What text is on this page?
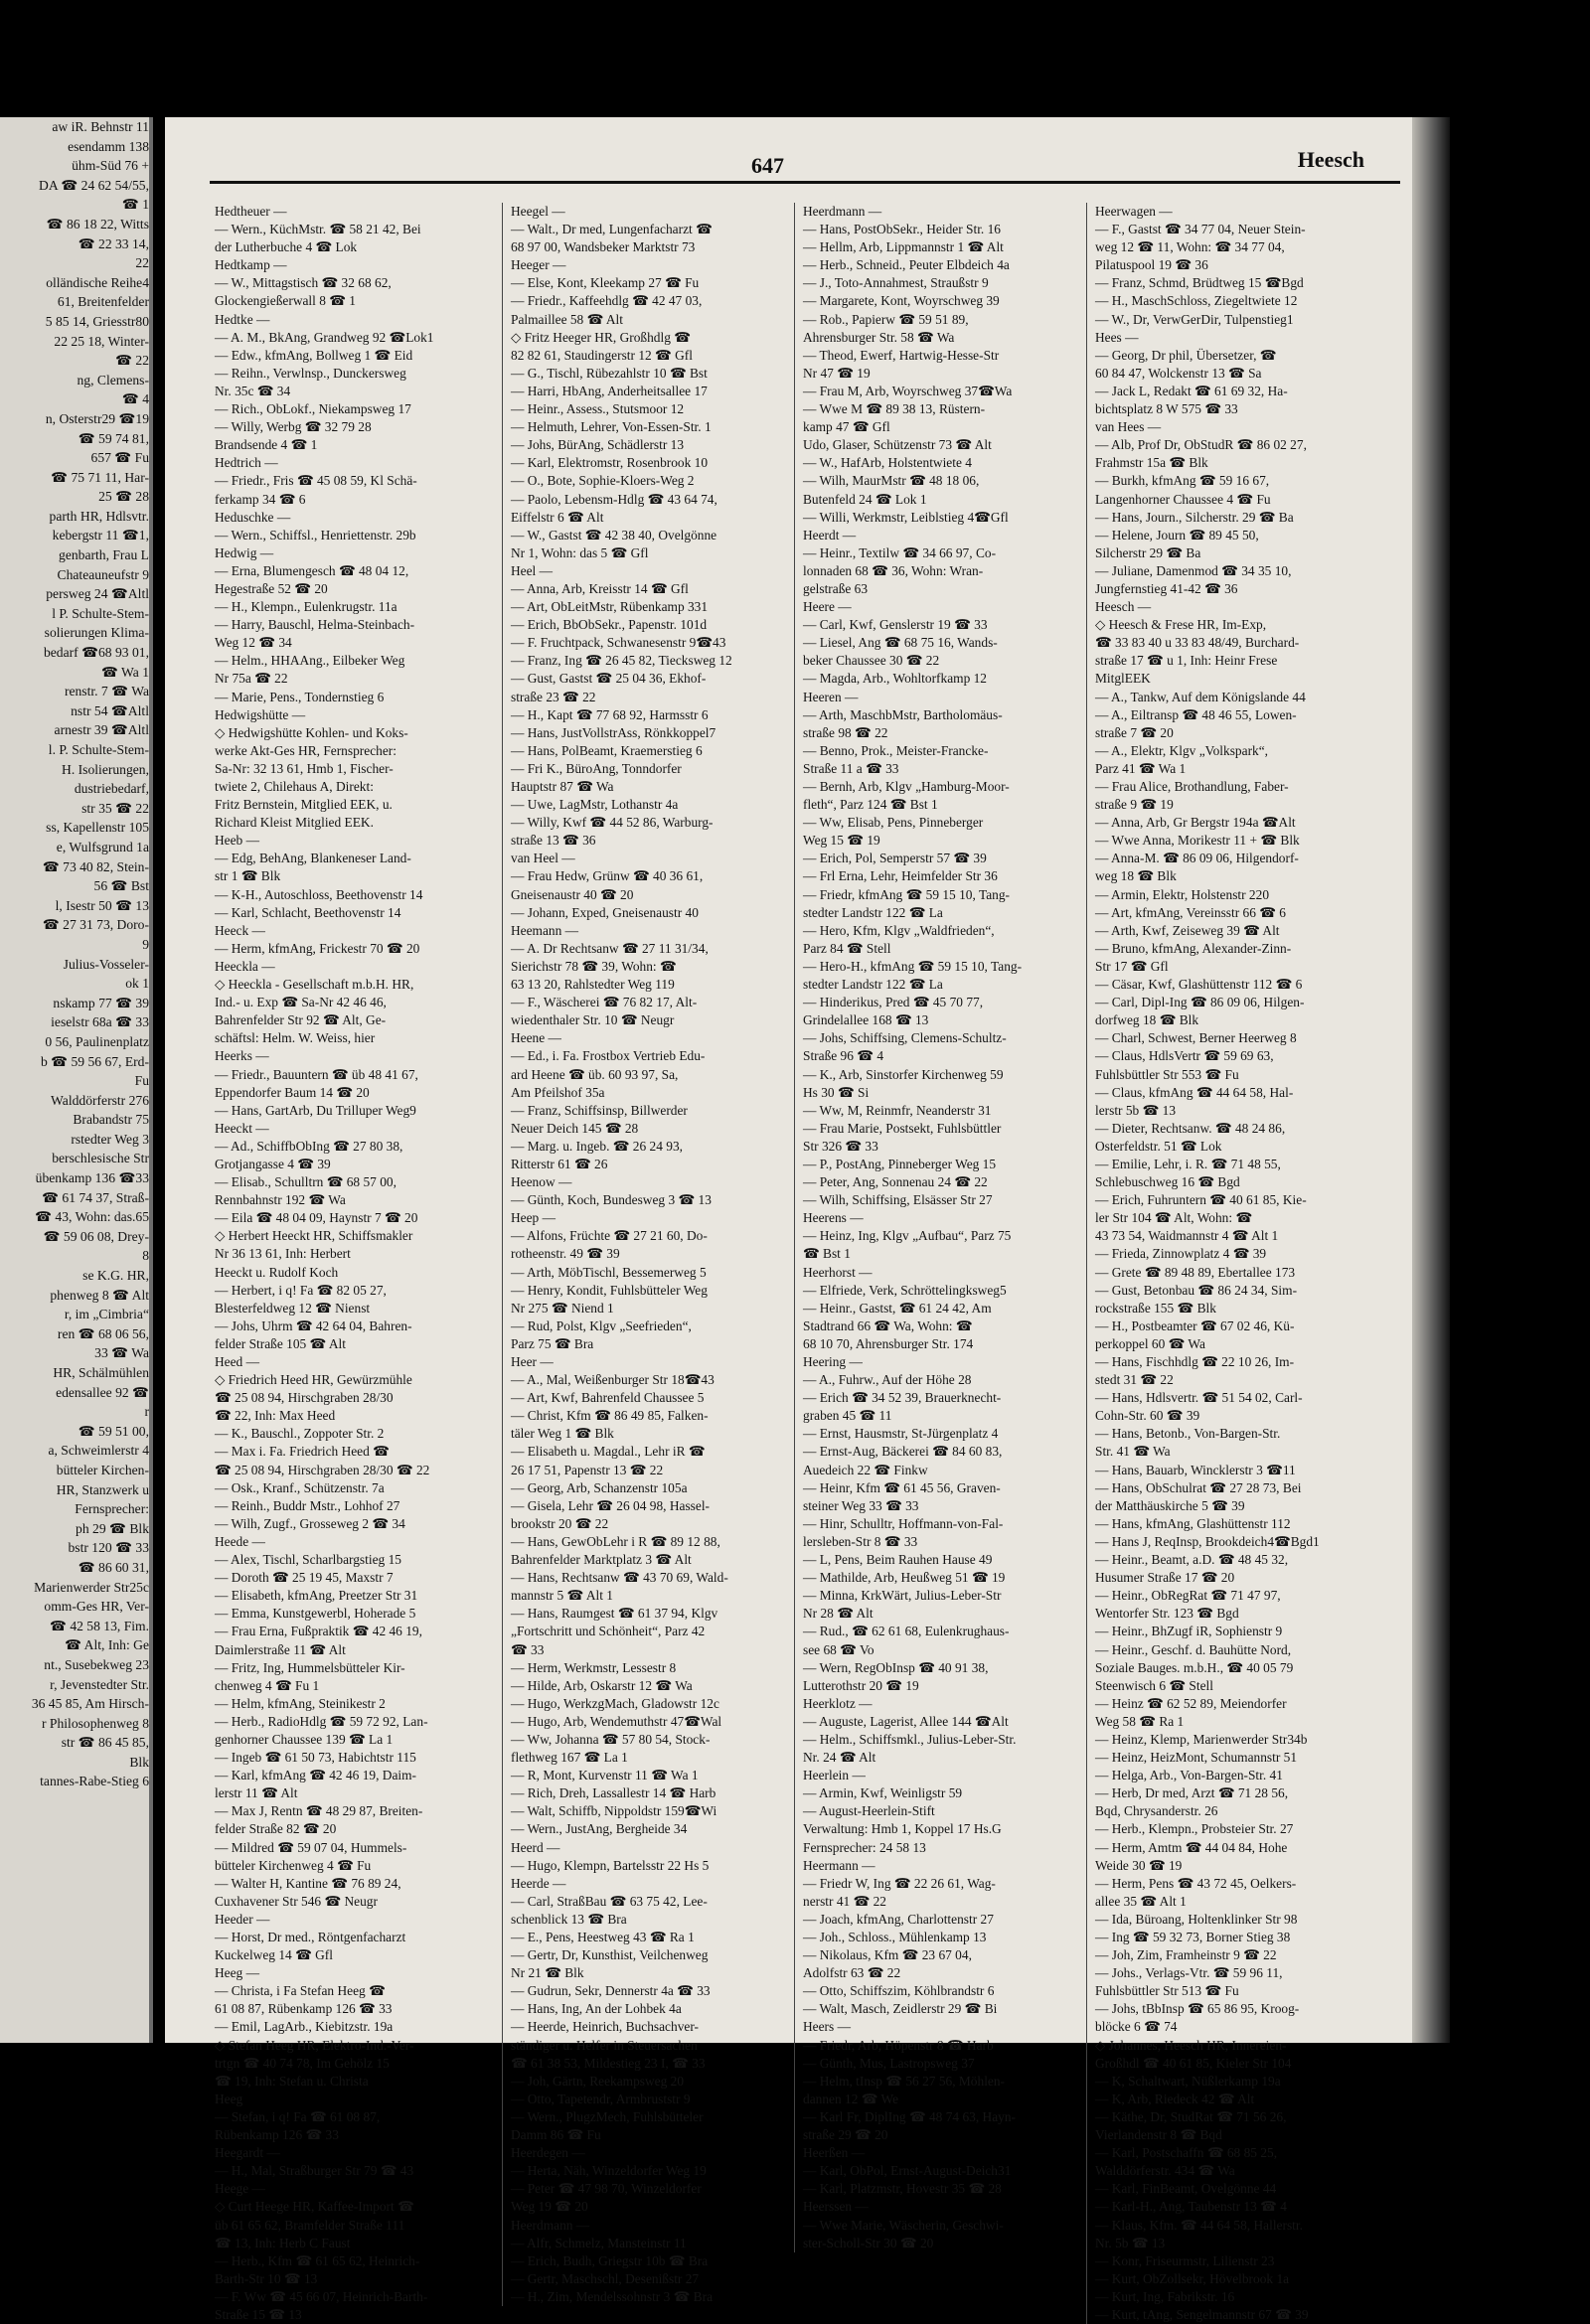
aw iR. Behnstr 11
esendamm 138
ühm-Süd 76 +
DA ☎ 24 62 54/55,
☎ 1
☎ 86 18 22, Witts
☎ 22 33 14,
22
olländische Reihe4
61, Breitenfelder
5 85 14, Griesstr80
22 25 18, Winter-
☎ 22
ng, Clemens-
☎ 4
n, Osterstr29 ☎19
☎ 59 74 81,
657 ☎ Fu
☎ 75 71 11, Har-
25 ☎ 28
parth HR, Hdlsvtr.
kebergstr 11 ☎1,
genbarth, Frau L
Chateauneufstr 9
persweg 24 ☎Altl
l P. Schulte-Stem-
solierungen Klima-
bedarf ☎68 93 01,
☎ Wa 1
renstr. 7 ☎ Wa
nstr 54 ☎Altl
arnestr 39 ☎Altl
l. P. Schulte-Stem-
H. Isolierungen,
dustriebedarf,
str 35 ☎ 22
ss, Kapellenstr 105
e, Wulfsgrund 1a
☎ 73 40 82, Stein-
56 ☎ Bst
l, Isestr 50 ☎ 13
☎ 27 31 73, Doro-
9
Julius-Vosseler-
ok 1
nskamp 77 ☎ 39
ieselstr 68a ☎ 33
0 56, Paulinenplatz
b ☎ 59 56 67, Erd-
Fu
Walddörferstr 276
Brabandstr 75
rstedter Weg 3
berschlesische Str
übenkamp 136 ☎33
☎ 61 74 37, Straß-
☎ 43, Wohn: das.65
☎ 59 06 08, Drey-
8
se K.G. HR,
phenweg 8 ☎ Alt
r, im „Cimbria“
ren ☎ 68 06 56,
33 ☎ Wa
HR, Schälmühlen
edensallee 92 ☎
r
☎ 59 51 00,
a, Schweimlerstr 4
bütteler Kirchen-
HR, Stanzwerk u
Fernsprecher:
ph 29 ☎ Blk
bstr 120 ☎ 33
☎ 86 60 31,
Marienwerder Str25c
omm-Ges HR, Ver-
☎ 42 58 13, Fim.
☎ Alt, Inh: Ge
nt., Susebekweg 23
r, Jevenstedter Str.
36 45 85, Am Hirsch-
r Philosophenweg 8
str ☎ 86 45 85,
Blk
tannes-Rabe-Stieg 6
647	Heesch
Hedtheuer —
— Wern., KüchMstr. ☎ 58 21 42, Bei
der Lutherbuche 4 ☎ Lok
Hedtkamp —
— W., Mittagstisch ☎ 32 68 62,
Glockengießerwall 8 ☎ 1
Hedtke —
— A. M., BkAng, Grandweg 92 ☎Lok1
— Edw., kfmAng, Bollweg 1 ☎ Eid
— Reihn., Verwlnsp., Dunckersweg
Nr. 35c ☎ 34
— Rich., ObLokf., Niekampsweg 17
— Willy, Werbg ☎ 32 79 28
Brandsende 4 ☎ 1
Hedtrich —
— Friedr., Fris ☎ 45 08 59, Kl Schä-
ferkamp 34 ☎ 6
Heduschke —
— Wern., Schiffsl., Henriettenstr. 29b
Hedwig —
— Erna, Blumengesch ☎ 48 04 12,
Hegestraße 52 ☎ 20
— H., Klempn., Eulenkrugstr. 11a
— Harry, Bauschl, Helma-Steinbach-
Weg 12 ☎ 34
— Helm., HHAAng., Eilbeker Weg
Nr 75a ☎ 22
— Marie, Pens., Tondernstieg 6
Hedwigshütte —
◇ Hedwigshütte Kohlen- und Koks-
werke Akt-Ges HR, Fernsprecher:
Sa-Nr: 32 13 61, Hmb 1, Fischer-
twiete 2, Chilehaus A, Direkt:
Fritz Bernstein, Mitglied EEK, u.
Richard Kleist Mitglied EEK.
Heeb —
— Edg, BehAng, Blankeneser Land-
str 1 ☎ Blk
— K-H., Autoschloss, Beethovenstr 14
— Karl, Schlacht, Beethovenstr 14
Heeck —
— Herm, kfmAng, Frickestr 70 ☎ 20
Heeckla —
◇ Heeckla - Gesellschaft m.b.H. HR,
Ind.- u. Exp ☎ Sa-Nr 42 46 46,
Bahrenfelder Str 92 ☎ Alt, Ge-
schäftsl: Helm. W. Weiss, hier
Heerks —
— Friedr., Bauuntern ☎ üb 48 41 67,
Eppendorfer Baum 14 ☎ 20
— Hans, GartArb, Du Trilluper Weg9
Heeckt —
— Ad., SchiffbObIng ☎ 27 80 38,
Grotjangasse 4 ☎ 39
— Elisab., Schulltrn ☎ 68 57 00,
Rennbahnstr 192 ☎ Wa
— Eila ☎ 48 04 09, Haynstr 7 ☎ 20
◇ Herbert Heeckt HR, Schiffsmakler
Nr 36 13 61, Inh: Herbert
Heeckt u. Rudolf Koch
— Herbert, i q! Fa ☎ 82 05 27,
Blesterfeldweg 12 ☎ Nienst
— Johs, Uhrm ☎ 42 64 04, Bahren-
felder Straße 105 ☎ Alt
Heed —
◇ Friedrich Heed HR, Gewürzmühle
☎ 25 08 94, Hirschgraben 28/30
☎ 22, Inh: Max Heed
— K., Bauschl., Zoppoter Str. 2
— Max i. Fa. Friedrich Heed ☎
☎ 25 08 94, Hirschgraben 28/30 ☎ 22
— Osk., Kranf., Schützenstr. 7a
— Reinh., Buddr Mstr., Lohhof 27
— Wilh, Zugf., Grosseweg 2 ☎ 34
Heede —
— Alex, Tischl, Scharlbargstieg 15
— Doroth ☎ 25 19 45, Maxstr 7
— Elisabeth, kfmAng, Preetzer Str 31
— Emma, Kunstgewerbl, Hoherade 5
— Frau Erna, Fußpraktik ☎ 42 46 19,
Daimlerstraße 11 ☎ Alt
— Fritz, Ing, Hummelsbütteler Kir-
chenweg 4 ☎ Fu 1
— Helm, kfmAng, Steinikestr 2
— Herb., RadioHdlg ☎ 59 72 92, Lan-
genhorner Chaussee 139 ☎ La 1
— Ingeb ☎ 61 50 73, Habichtstr 115
— Karl, kfmAng ☎ 42 46 19, Daim-
lerstr 11 ☎ Alt
— Max J, Rentn ☎ 48 29 87, Breiten-
felder Straße 82 ☎ 20
— Mildred ☎ 59 07 04, Hummels-
bütteler Kirchenweg 4 ☎ Fu
— Walter H, Kantine ☎ 76 89 24,
Cuxhavener Str 546 ☎ Neugr
Heeder —
— Horst, Dr med., Röntgenfacharzt
Kuckelweg 14 ☎ Gfl
Heeg —
— Christa, i Fa Stefan Heeg ☎
61 08 87, Rübenkamp 126 ☎ 33
— Emil, LagArb., Kiebitzstr. 19a
◇ Stefan Heeg HR, Elektro-Ind.-Ver-
trtgn ☎ 40 74 78, Im Gehölz 15
☎ 19, Inh: Stefan u. Christa
Heeg
— Stefan, i q! Fa ☎ 61 08 87,
Rübenkamp 126 ☎ 33
Heegardt —
— H., Mal, Straßburger Str 79 ☎ 43
Heege —
◇ Curt Heege HR, Kaffee-Import ☎
üb 61 65 62, Bramfelder Straße 111
☎ 13, Inh: Herb C Faust
— Herb., Kfm ☎ 61 65 62, Heinrich-
Barth-Str 10 ☎ 13
— F. Ww ☎ 45 66 07, Heinrich-Barth-
Straße 15 ☎ 13
Heegel —
— Walt., Dr med, Lungenfacharzt ☎
68 97 00, Wandsbeker Marktstr 73
Heeger —
— Else, Kont, Kleekamp 27 ☎ Fu
— Friedr., Kaffeehdlg ☎ 42 47 03,
Palmaillee 58 ☎ Alt
◇ Fritz Heeger HR, Großhdlg ☎
82 82 61, Staudingerstr 12 ☎ Gfl
— G., Tischl, Rübezahlstr 10 ☎ Bst
— Harri, HbAng, Anderheitsallee 17
— Heinr., Assess., Stutsmoor 12
— Helmuth, Lehrer, Von-Essen-Str. 1
— Johs, BürAng, Schädlerstr 13
— Karl, Elektromstr, Rosenbrook 10
— O., Bote, Sophie-Kloers-Weg 2
— Paolo, Lebensm-Hdlg ☎ 43 64 74,
Eiffelstr 6 ☎ Alt
— W., Gastst ☎ 42 38 40, Ovelgönne
Nr 1, Wohn: das 5 ☎ Gfl
Heel —
— Anna, Arb, Kreisstr 14 ☎ Gfl
— Art, ObLeitMstr, Rübenkamp 331
— Erich, BbObSekr., Papenstr. 101d
— F. Fruchtpack, Schwanesenstr 9☎43
— Franz, Ing ☎ 26 45 82, Tiecksweg 12
— Gust, Gastst ☎ 25 04 36, Ekhof-
straße 23 ☎ 22
— H., Kapt ☎ 77 68 92, Harmsstr 6
— Hans, JustVollstrAss, Rönkkoppel7
— Hans, PolBeamt, Kraemerstieg 6
— Fri K., BüroAng, Tonndorfer
Hauptstr 87 ☎ Wa
— Uwe, LagMstr, Lothanstr 4a
— Willy, Kwf ☎ 44 52 86, Warburg-
straße 13 ☎ 36
van Heel —
— Frau Hedw, Grünw ☎ 40 36 61,
Gneisenaustr 40 ☎ 20
— Johann, Exped, Gneisenaustr 40
Heemann —
— A. Dr Rechtsanw ☎ 27 11 31/34,
Sierichstr 78 ☎ 39, Wohn: ☎
63 13 20, Rahlstedter Weg 119
— F., Wäscherei ☎ 76 82 17, Alt-
wiedenthaler Str. 10 ☎ Neugr
Heene —
— Ed., i. Fa. Frostbox Vertrieb Edu-
ard Heene ☎ üb. 60 93 97, Sa,
Am Pfeilshof 35a
— Franz, Schiffsinsp, Billwerder
Neuer Deich 145 ☎ 28
— Marg. u. Ingeb. ☎ 26 24 93,
Ritterstr 61 ☎ 26
Heenow —
— Günth, Koch, Bundesweg 3 ☎ 13
Heep —
— Alfons, Früchte ☎ 27 21 60, Do-
rotheenstr. 49 ☎ 39
— Arth, MöbTischl, Bessemerweg 5
— Henry, Kondit, Fuhlsbütteler Weg
Nr 275 ☎ Niend 1
— Rud, Polst, Klgv „Seefrieden“,
Parz 75 ☎ Bra
Heer —
— A., Mal, Weißenburger Str 18☎43
— Art, Kwf, Bahrenfeld Chaussee 5
— Christ, Kfm ☎ 86 49 85, Falken-
täler Weg 1 ☎ Blk
— Elisabeth u. Magdal., Lehr iR ☎
26 17 51, Papenstr 13 ☎ 22
— Georg, Arb, Schanzenstr 105a
— Gisela, Lehr ☎ 26 04 98, Hassel-
brookstr 20 ☎ 22
— Hans, GewObLehr i R ☎ 89 12 88,
Bahrenfelder Marktplatz 3 ☎ Alt
— Hans, Rechtsanw ☎ 43 70 69, Wald-
mannstr 5 ☎ Alt 1
— Hans, Raumgest ☎ 61 37 94, Klgv
„Fortschritt und Schönheit“, Parz 42
☎ 33
— Herm, Werkmstr, Lessestr 8
— Hilde, Arb, Oskarstr 12 ☎ Wa
— Hugo, WerkzgMach, Gladowstr 12c
— Hugo, Arb, Wendemuthstr 47☎Wal
— Ww, Johanna ☎ 57 80 54, Stock-
flethweg 167 ☎ La 1
— R, Mont, Kurvenstr 11 ☎ Wa 1
— Rich, Dreh, Lassallestr 14 ☎ Harb
— Walt, Schiffb, Nippoldstr 159☎Wi
— Wern., JustAng, Bergheide 34
Heerd —
— Hugo, Klempn, Bartelsstr 22 Hs 5
Heerde —
— Carl, StraßBau ☎ 63 75 42, Lee-
schenblick 13 ☎ Bra
— E., Pens, Heestweg 43 ☎ Ra 1
— Gertr, Dr, Kunsthist, Veilchenweg
Nr 21 ☎ Blk
— Gudrun, Sekr, Dennerstr 4a ☎ 33
— Hans, Ing, An der Lohbek 4a
— Heerde, Heinrich, Buchsachver-
ständiger u. Helfer in Steuersachen
☎ 61 38 53, Mildestieg 23 I, ☎ 33
— Joh, Gärtn, Reekampsweg 20
— Otto, Tapetendr, Armbruststr 9
— Wern., PlugzMech, Fuhlsbütteler
Damm 86 ☎ Fu
Heerdegen —
— Herta, Näh, Winzeldorfer Weg 19
— Peter ☎ 47 98 70, Winzeldorfer
Weg 19 ☎ 20
Heerdmann —
— Alfr, Schmelz, Mansteinstr 11
— Erich, Budh, Griegstr 10b ☎ Bra
— Gertr, Maschschl, Desenißstr 27
— H., Zim, Mendelssohnstr 3 ☎ Bra
Heerdmann —
— Hans, PostObSekr., Heider Str. 16
— Hellm, Arb, Lippmannstr 1 ☎ Alt
— Herb., Schneid., Peuter Elbdeich 4a
— J., Toto-Annahmest, Straußstr 9
— Margarete, Kont, Woyrschweg 39
— Rob., Papierw ☎ 59 51 89,
Ahrensburger Str. 58 ☎ Wa
— Theod, Ewerf, Hartwig-Hesse-Str
Nr 47 ☎ 19
— Frau M, Arb, Woyrschweg 37☎Wa
— Wwe M ☎ 89 38 13, Rüstern-
kamp 47 ☎ Gfl
Udo, Glaser, Schützenstr 73 ☎ Alt
— W., HafArb, Holstentwiete 4
— Wilh, MaurMstr ☎ 48 18 06,
Butenfeld 24 ☎ Lok 1
— Willi, Werkmstr, Leiblstieg 4☎Gfl
Heerdt —
— Heinr., Textilw ☎ 34 66 97, Co-
lonnaden 68 ☎ 36, Wohn: Wran-
gelstraße 63
Heere —
— Carl, Kwf, Genslerstr 19 ☎ 33
— Liesel, Ang ☎ 68 75 16, Wands-
beker Chaussee 30 ☎ 22
— Magda, Arb., Wohltorfkamp 12
Heeren —
— Arth, MaschbMstr, Bartholomäus-
straße 98 ☎ 22
— Benno, Prok., Meister-Francke-
Straße 11 a ☎ 33
— Bernh, Arb, Klgv „Hamburg-Moor-
fleth“, Parz 124 ☎ Bst 1
— Ww, Elisab, Pens, Pinneberger
Weg 15 ☎ 19
— Erich, Pol, Semperstr 57 ☎ 39
— Frl Erna, Lehr, Heimfelder Str 36
— Friedr, kfmAng ☎ 59 15 10, Tang-
stedter Landstr 122 ☎ La
— Hero, Kfm, Klgv „Waldfrieden“,
Parz 84 ☎ Stell
— Hero-H., kfmAng ☎ 59 15 10, Tang-
stedter Landstr 122 ☎ La
— Hinderikus, Pred ☎ 45 70 77,
Grindelallee 168 ☎ 13
— Johs, Schiffsing, Clemens-Schultz-
Straße 96 ☎ 4
— K., Arb, Sinstorfer Kirchenweg 59
Hs 30 ☎ Si
— Ww, M, Reinmfr, Neanderstr 31
— Frau Marie, Postsekt, Fuhlsbüttler
Str 326 ☎ 33
— P., PostAng, Pinneberger Weg 15
— Peter, Ang, Sonnenau 24 ☎ 22
— Wilh, Schiffsing, Elsässer Str 27
Heerens —
— Heinz, Ing, Klgv „Aufbau“, Parz 75
☎ Bst 1
Heerhorst —
— Elfriede, Verk, Schröttelingksweg5
— Heinr., Gastst, ☎ 61 24 42, Am
Stadtrand 66 ☎ Wa, Wohn: ☎
68 10 70, Ahrensburger Str. 174
Heering —
— A., Fuhrw., Auf der Höhe 28
— Erich ☎ 34 52 39, Brauerknecht-
graben 45 ☎ 11
— Ernst, Hausmstr, St-Jürgenplatz 4
— Ernst-Aug, Bäckerei ☎ 84 60 83,
Auedeich 22 ☎ Finkw
— Heinr, Kfm ☎ 61 45 56, Graven-
steiner Weg 33 ☎ 33
— Hinr, Schulltr, Hoffmann-von-Fal-
lersleben-Str 8 ☎ 33
— L, Pens, Beim Rauhen Hause 49
— Mathilde, Arb, Heußweg 51 ☎ 19
— Minna, KrkWärt, Julius-Leber-Str
Nr 28 ☎ Alt
— Rud., ☎ 62 61 68, Eulenkrughaus-
see 68 ☎ Vo
— Wern, RegObInsp ☎ 40 91 38,
Lutterothstr 20 ☎ 19
Heerklotz —
— Auguste, Lagerist, Allee 144 ☎Alt
— Helm., Schiffsmkl., Julius-Leber-Str.
Nr. 24 ☎ Alt
Heerlein —
— Armin, Kwf, Weinligstr 59
— August-Heerlein-Stift
Verwaltung: Hmb 1, Koppel 17 Hs.G
Fernsprecher: 24 58 13
Heermann —
— Friedr W, Ing ☎ 22 26 61, Wag-
nerstr 41 ☎ 22
— Joach, kfmAng, Charlottenstr 27
— Joh., Schloss., Mühlenkamp 13
— Nikolaus, Kfm ☎ 23 67 04,
Adolfstr 63 ☎ 22
— Otto, Schiffszim, Köhlbrandstr 6
— Walt, Masch, Zeidlerstr 29 ☎ Bi
Heers —
— Friedr, Arb, Höpenstr 8 ☎ Harb
— Günth, Mus, Lastropsweg 37
— Helm, tInsp ☎ 56 27 56, Möhlen-
dannen 12 ☎ We
— Karl Fr, DiplIng ☎ 48 74 63, Hayn-
straße 29 ☎ 20
Heerßen —
— Karl, ObPol, Ernst-August-Deich31
— Karl, Platzmstr, Hovestr 35 ☎ 28
Heerssen —
— Wwe Marie, Wäscherin, Geschwi-
ster-Scholl-Str 30 ☎ 20
Heerwagen —
— F., Gastst ☎ 34 77 04, Neuer Stein-
weg 12 ☎ 11, Wohn: ☎ 34 77 04,
Pilatuspool 19 ☎ 36
— Franz, Schmd, Brüdtweg 15 ☎Bgd
— H., MaschSchloss, Ziegeltwiete 12
— W., Dr, VerwGerDir, Tulpenstieg1
Hees —
— Georg, Dr phil, Übersetzer, ☎
60 84 47, Wolckenstr 13 ☎ Sa
— Jack L, Redakt ☎ 61 69 32, Ha-
bichtsplatz 8 W 575 ☎ 33
van Hees —
— Alb, Prof Dr, ObStudR ☎ 86 02 27,
Frahmstr 15a ☎ Blk
— Burkh, kfmAng ☎ 59 16 67,
Langenhorner Chaussee 4 ☎ Fu
— Hans, Journ., Silcherstr. 29 ☎ Ba
— Helene, Journ ☎ 89 45 50,
Silcherstr 29 ☎ Ba
— Juliane, Damenmod ☎ 34 35 10,
Jungfernstieg 41-42 ☎ 36
Heesch —
◇ Heesch & Frese HR, Im-Exp,
☎ 33 83 40 u 33 83 48/49, Burchard-
straße 17 ☎ u 1, Inh: Heinr Frese
MitglEEK
— A., Tankw, Auf dem Königslande 44
— A., Eiltransp ☎ 48 46 55, Lowen-
straße 7 ☎ 20
— A., Elektr, Klgv „Volkspark“,
Parz 41 ☎ Wa 1
— Frau Alice, Brothandlung, Faber-
straße 9 ☎ 19
— Anna, Arb, Gr Bergstr 194a ☎Alt
— Wwe Anna, Morikestr 11 + ☎ Blk
— Anna-M. ☎ 86 09 06, Hilgendorf-
weg 18 ☎ Blk
— Armin, Elektr, Holstenstr 220
— Art, kfmAng, Vereinsstr 66 ☎ 6
— Arth, Kwf, Zeiseweg 39 ☎ Alt
— Bruno, kfmAng, Alexander-Zinn-
Str 17 ☎ Gfl
— Cäsar, Kwf, Glashüttenstr 112 ☎ 6
— Carl, Dipl-Ing ☎ 86 09 06, Hilgen-
dorfweg 18 ☎ Blk
— Charl, Schwest, Berner Heerweg 8
— Claus, HdlsVertr ☎ 59 69 63,
Fuhlsbüttler Str 553 ☎ Fu
— Claus, kfmAng ☎ 44 64 58, Hal-
lerstr 5b ☎ 13
— Dieter, Rechtsanw. ☎ 48 24 86,
Osterfeldstr. 51 ☎ Lok
— Emilie, Lehr, i. R. ☎ 71 48 55,
Schlebuschweg 16 ☎ Bgd
— Erich, Fuhruntern ☎ 40 61 85, Kie-
ler Str 104 ☎ Alt, Wohn: ☎
43 73 54, Waidmannstr 4 ☎ Alt 1
— Frieda, Zinnowplatz 4 ☎ 39
— Grete ☎ 89 48 89, Ebertallee 173
— Gust, Betonbau ☎ 86 24 34, Sim-
rockstraße 155 ☎ Blk
— H., Postbeamter ☎ 67 02 46, Kü-
perkoppel 60 ☎ Wa
— Hans, Fischhdlg ☎ 22 10 26, Im-
stedt 31 ☎ 22
— Hans, Hdlsvertr. ☎ 51 54 02, Carl-
Cohn-Str. 60 ☎ 39
— Hans, Betonb., Von-Bargen-Str.
Str. 41 ☎ Wa
— Hans, Bauarb, Wincklerstr 3 ☎11
— Hans, ObSchulrat ☎ 27 28 73, Bei
der Matthäuskirche 5 ☎ 39
— Hans, kfmAng, Glashüttenstr 112
— Hans J, ReqInsp, Brookdeich4☎Bgd1
— Heinr., Beamt, a.D. ☎ 48 45 32,
Husumer Straße 17 ☎ 20
— Heinr., ObRegRat ☎ 71 47 97,
Wentorfer Str. 123 ☎ Bgd
— Heinr., BhZugf iR, Sophienstr 9
— Heinr., Geschf. d. Bauhütte Nord,
Soziale Bauges. m.b.H., ☎ 40 05 79
Steenwisch 6 ☎ Stell
— Heinz ☎ 62 52 89, Meiendorfer
Weg 58 ☎ Ra 1
— Heinz, Klemp, Marienwerder Str34b
— Heinz, HeizMont, Schumannstr 51
— Helga, Arb., Von-Bargen-Str. 41
— Herb, Dr med, Arzt ☎ 71 28 56,
Bqd, Chrysanderstr. 26
— Herb., Klempn., Probsteier Str. 27
— Herm, Amtm ☎ 44 04 84, Hohe
Weide 30 ☎ 19
— Herm, Pens ☎ 43 72 45, Oelkers-
allee 35 ☎ Alt 1
— Ida, Büroang, Holtenklinker Str 98
— Ing ☎ 59 32 73, Borner Stieg 38
— Joh, Zim, Framheinstr 9 ☎ 22
— Johs., Verlags-Vtr. ☎ 59 96 11,
Fuhlsbüttler Str 513 ☎ Fu
— Johs, tBbInsp ☎ 65 86 95, Kroog-
blöcke 6 ☎ 74
◇ Johannes, Heesch HR, Innereien-
Großhdl ☎ 40 61 85, Kieler Str 104
— K, Schaltwart, Nüßlerkamp 19a
— K, Arb, Riedeck 42 ☎ Alt
— Käthe, Dr, StudRat ☎ 71 56 26,
Vierlandenstr 8 ☎ Bqd
— Karl, Postschaffn ☎ 68 85 25,
Walddörferstr. 434 ☎ Wa
— Karl, FinBeamt, Ovelgönne 44
— Karl-H., Ang, Taubenstr 13 ☎ 4
— Klaus, Kfm. ☎ 44 64 58, Hallerstr.
Nr. 5b ☎ 13
— Konr, Friseurmstr, Lilienstr 23
— Kurt, ObZollsekr, Hövelbrook 1a
— Kurt, Ing, Fabrikstr. 16
— Kurt, tAng, Sengelmannstr 67 ☎ 39
